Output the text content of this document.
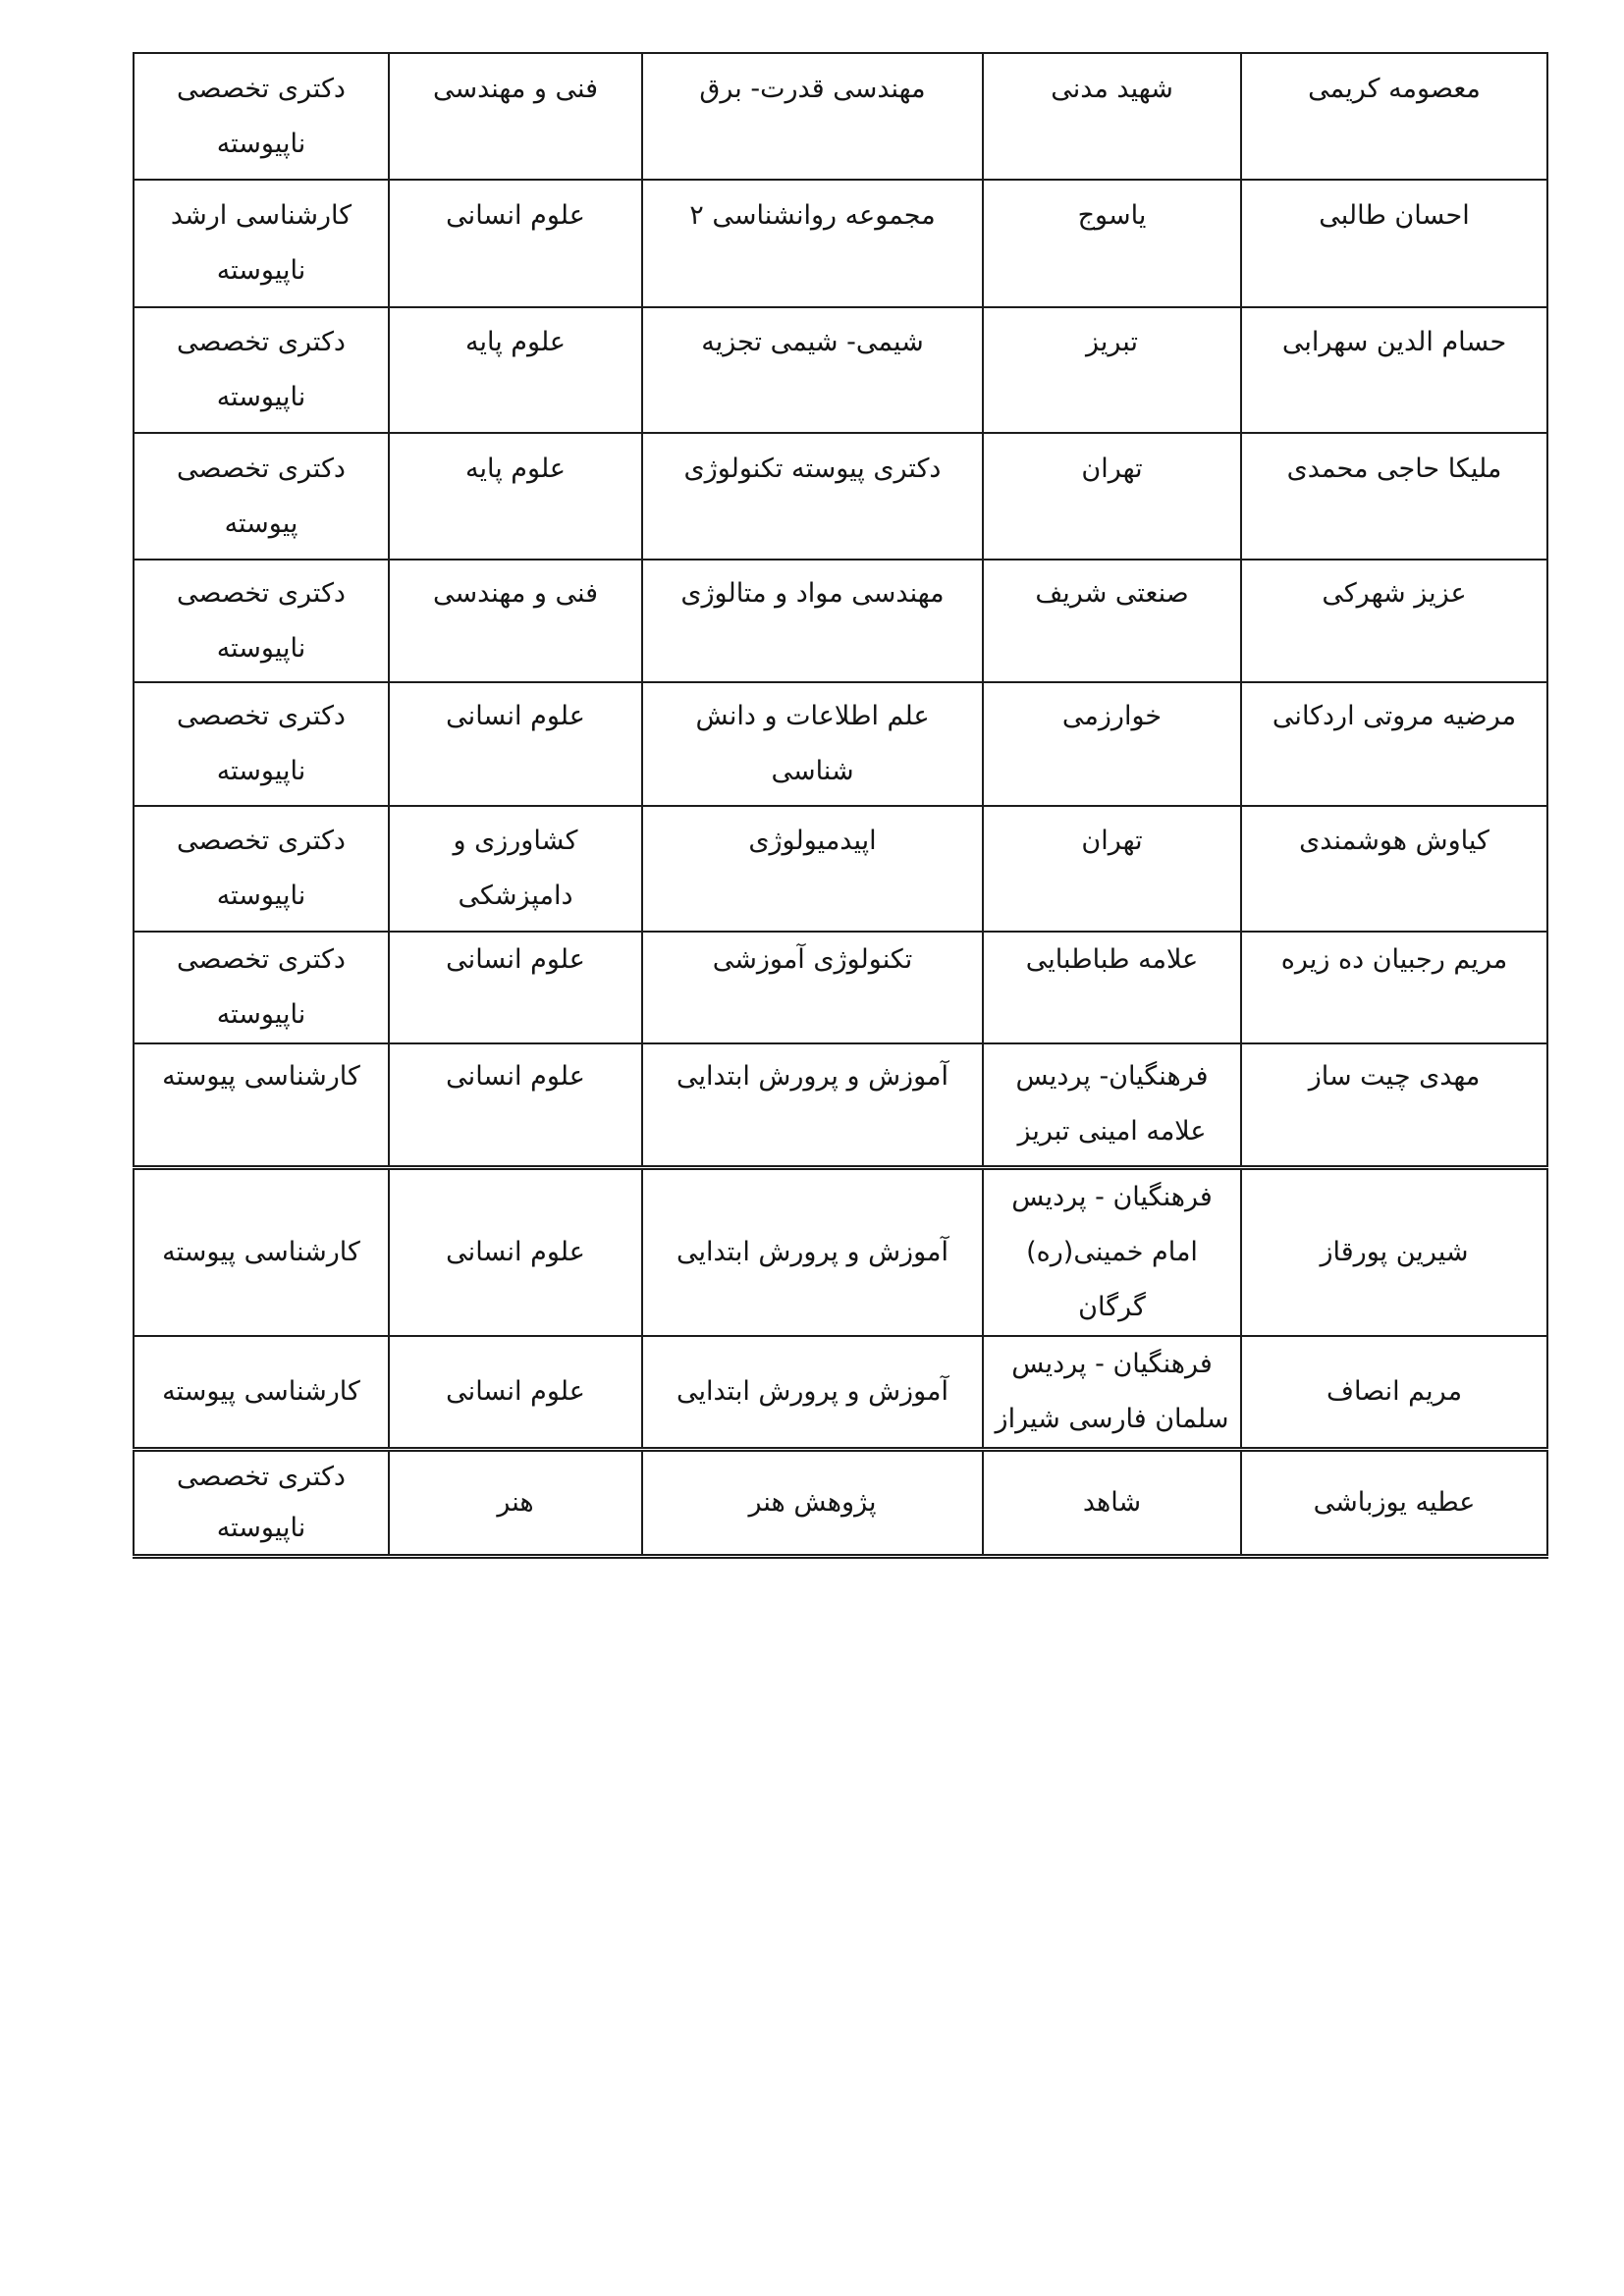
معصومه کریمی	شهید مدنی	مهندسی قدرت- برق	فنی و مهندسی	دکتری تخصصی ناپیوسته
احسان طالبی	یاسوج	مجموعه روانشناسی ۲	علوم انسانی	کارشناسی ارشد ناپیوسته
حسام الدین سهرابی	تبریز	شیمی- شیمی تجزیه	علوم پایه	دکتری تخصصی ناپیوسته
ملیکا حاجی محمدی	تهران	دکتری پیوسته تکنولوژی	علوم پایه	دکتری تخصصی پیوسته
عزیز شهرکی	صنعتی شریف	مهندسی مواد و متالوژی	فنی و مهندسی	دکتری تخصصی ناپیوسته
مرضیه مروتی اردکانی	خوارزمی	علم اطلاعات و دانش شناسی	علوم انسانی	دکتری تخصصی ناپیوسته
کیاوش هوشمندی	تهران	اپیدمیولوژی	کشاورزی و دامپزشکی	دکتری تخصصی ناپیوسته
مریم رجبیان ده زیره	علامه طباطبایی	تکنولوژی آموزشی	علوم انسانی	دکتری تخصصی ناپیوسته
مهدی چیت ساز	فرهنگیان- پردیس علامه امینی تبریز	آموزش و پرورش ابتدایی	علوم انسانی	کارشناسی پیوسته
شیرین پورقاز	فرهنگیان - پردیس امام خمینی(ره) گرگان	آموزش و پرورش ابتدایی	علوم انسانی	کارشناسی پیوسته
مریم انصاف	فرهنگیان - پردیس سلمان فارسی شیراز	آموزش و پرورش ابتدایی	علوم انسانی	کارشناسی پیوسته
عطیه یوزباشی	شاهد	پژوهش هنر	هنر	دکتری تخصصی ناپیوسته
